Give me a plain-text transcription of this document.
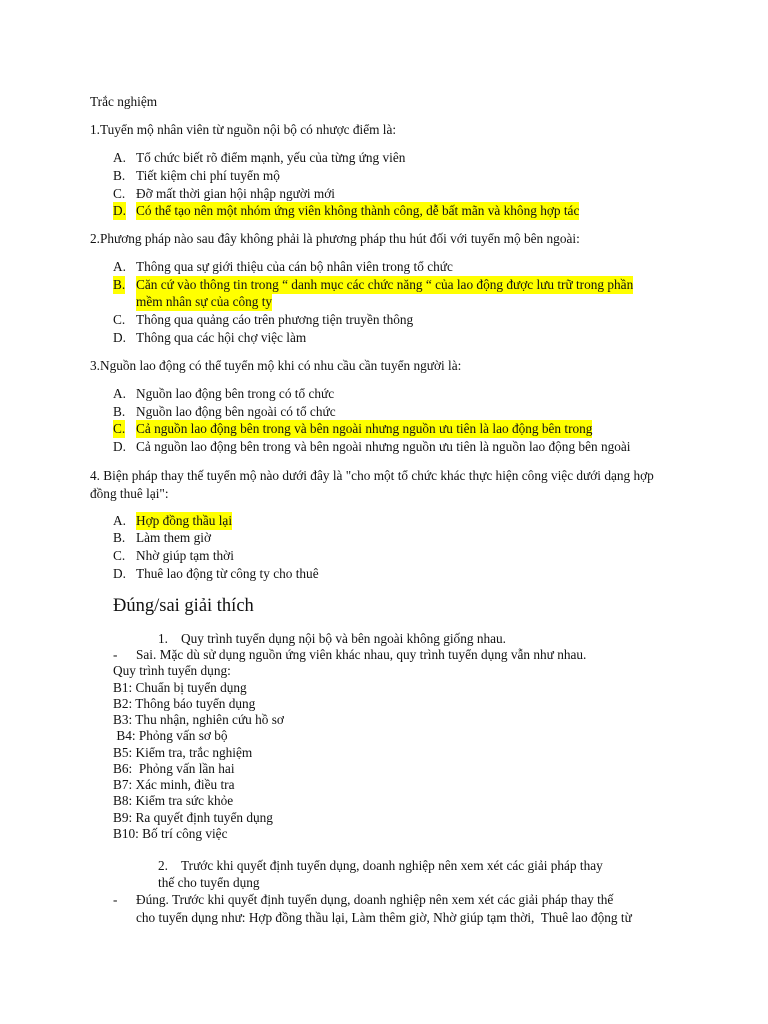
Trắc nghiệm
1.Tuyển mộ nhân viên từ nguồn nội bộ có nhược điểm là:
A. Tổ chức biết rõ điểm mạnh, yếu của từng ứng viên
B. Tiết kiệm chi phí tuyển mộ
C. Đỡ mất thời gian hội nhập người mới
D. Có thể tạo nên một nhóm ứng viên không thành công, dễ bất mãn và không hợp tác
2.Phương pháp nào sau đây không phải là phương pháp thu hút đối với tuyển mộ bên ngoài:
A. Thông qua sự giới thiệu của cán bộ nhân viên trong tổ chức
B. Căn cứ vào thông tin trong “ danh mục các chức năng “ của lao động được lưu trữ trong phần
mềm nhân sự của công ty
C. Thông qua quảng cáo trên phương tiện truyền thông
D. Thông qua các hội chợ việc làm
3.Nguồn lao động có thể tuyển mộ khi có nhu cầu cần tuyển người là:
A. Nguồn lao động bên trong có tổ chức
B. Nguồn lao động bên ngoài có tổ chức
C. Cả nguồn lao động bên trong và bên ngoài nhưng nguồn ưu tiên là lao động bên trong
D. Cả nguồn lao động bên trong và bên ngoài nhưng nguồn ưu tiên là nguồn lao động bên ngoài
4. Biện pháp thay thế tuyển mộ nào dưới đây là "cho một tổ chức khác thực hiện công việc dưới dạng hợp
đồng thuê lại":
A. Hợp đồng thầu lại
B. Làm them giờ
C. Nhờ giúp tạm thời
D. Thuê lao động từ công ty cho thuê
Đúng/sai giải thích
1. Quy trình tuyển dụng nội bộ và bên ngoài không giống nhau.
- Sai. Mặc dù sử dụng nguồn ứng viên khác nhau, quy trình tuyển dụng vẫn như nhau.
Quy trình tuyển dụng:
B1: Chuẩn bị tuyển dụng
B2: Thông báo tuyển dụng
B3: Thu nhận, nghiên cứu hồ sơ
B4: Phỏng vấn sơ bộ
B5: Kiểm tra, trắc nghiệm
B6:  Phỏng vấn lần hai
B7: Xác minh, điều tra
B8: Kiểm tra sức khỏe
B9: Ra quyết định tuyển dụng
B10: Bố trí công việc
2. Trước khi quyết định tuyển dụng, doanh nghiệp nên xem xét các giải pháp thay
thế cho tuyển dụng
- Đúng. Trước khi quyết định tuyển dụng, doanh nghiệp nên xem xét các giải pháp thay thế
cho tuyển dụng như: Hợp đồng thầu lại, Làm thêm giờ, Nhờ giúp tạm thời,  Thuê lao động từ
